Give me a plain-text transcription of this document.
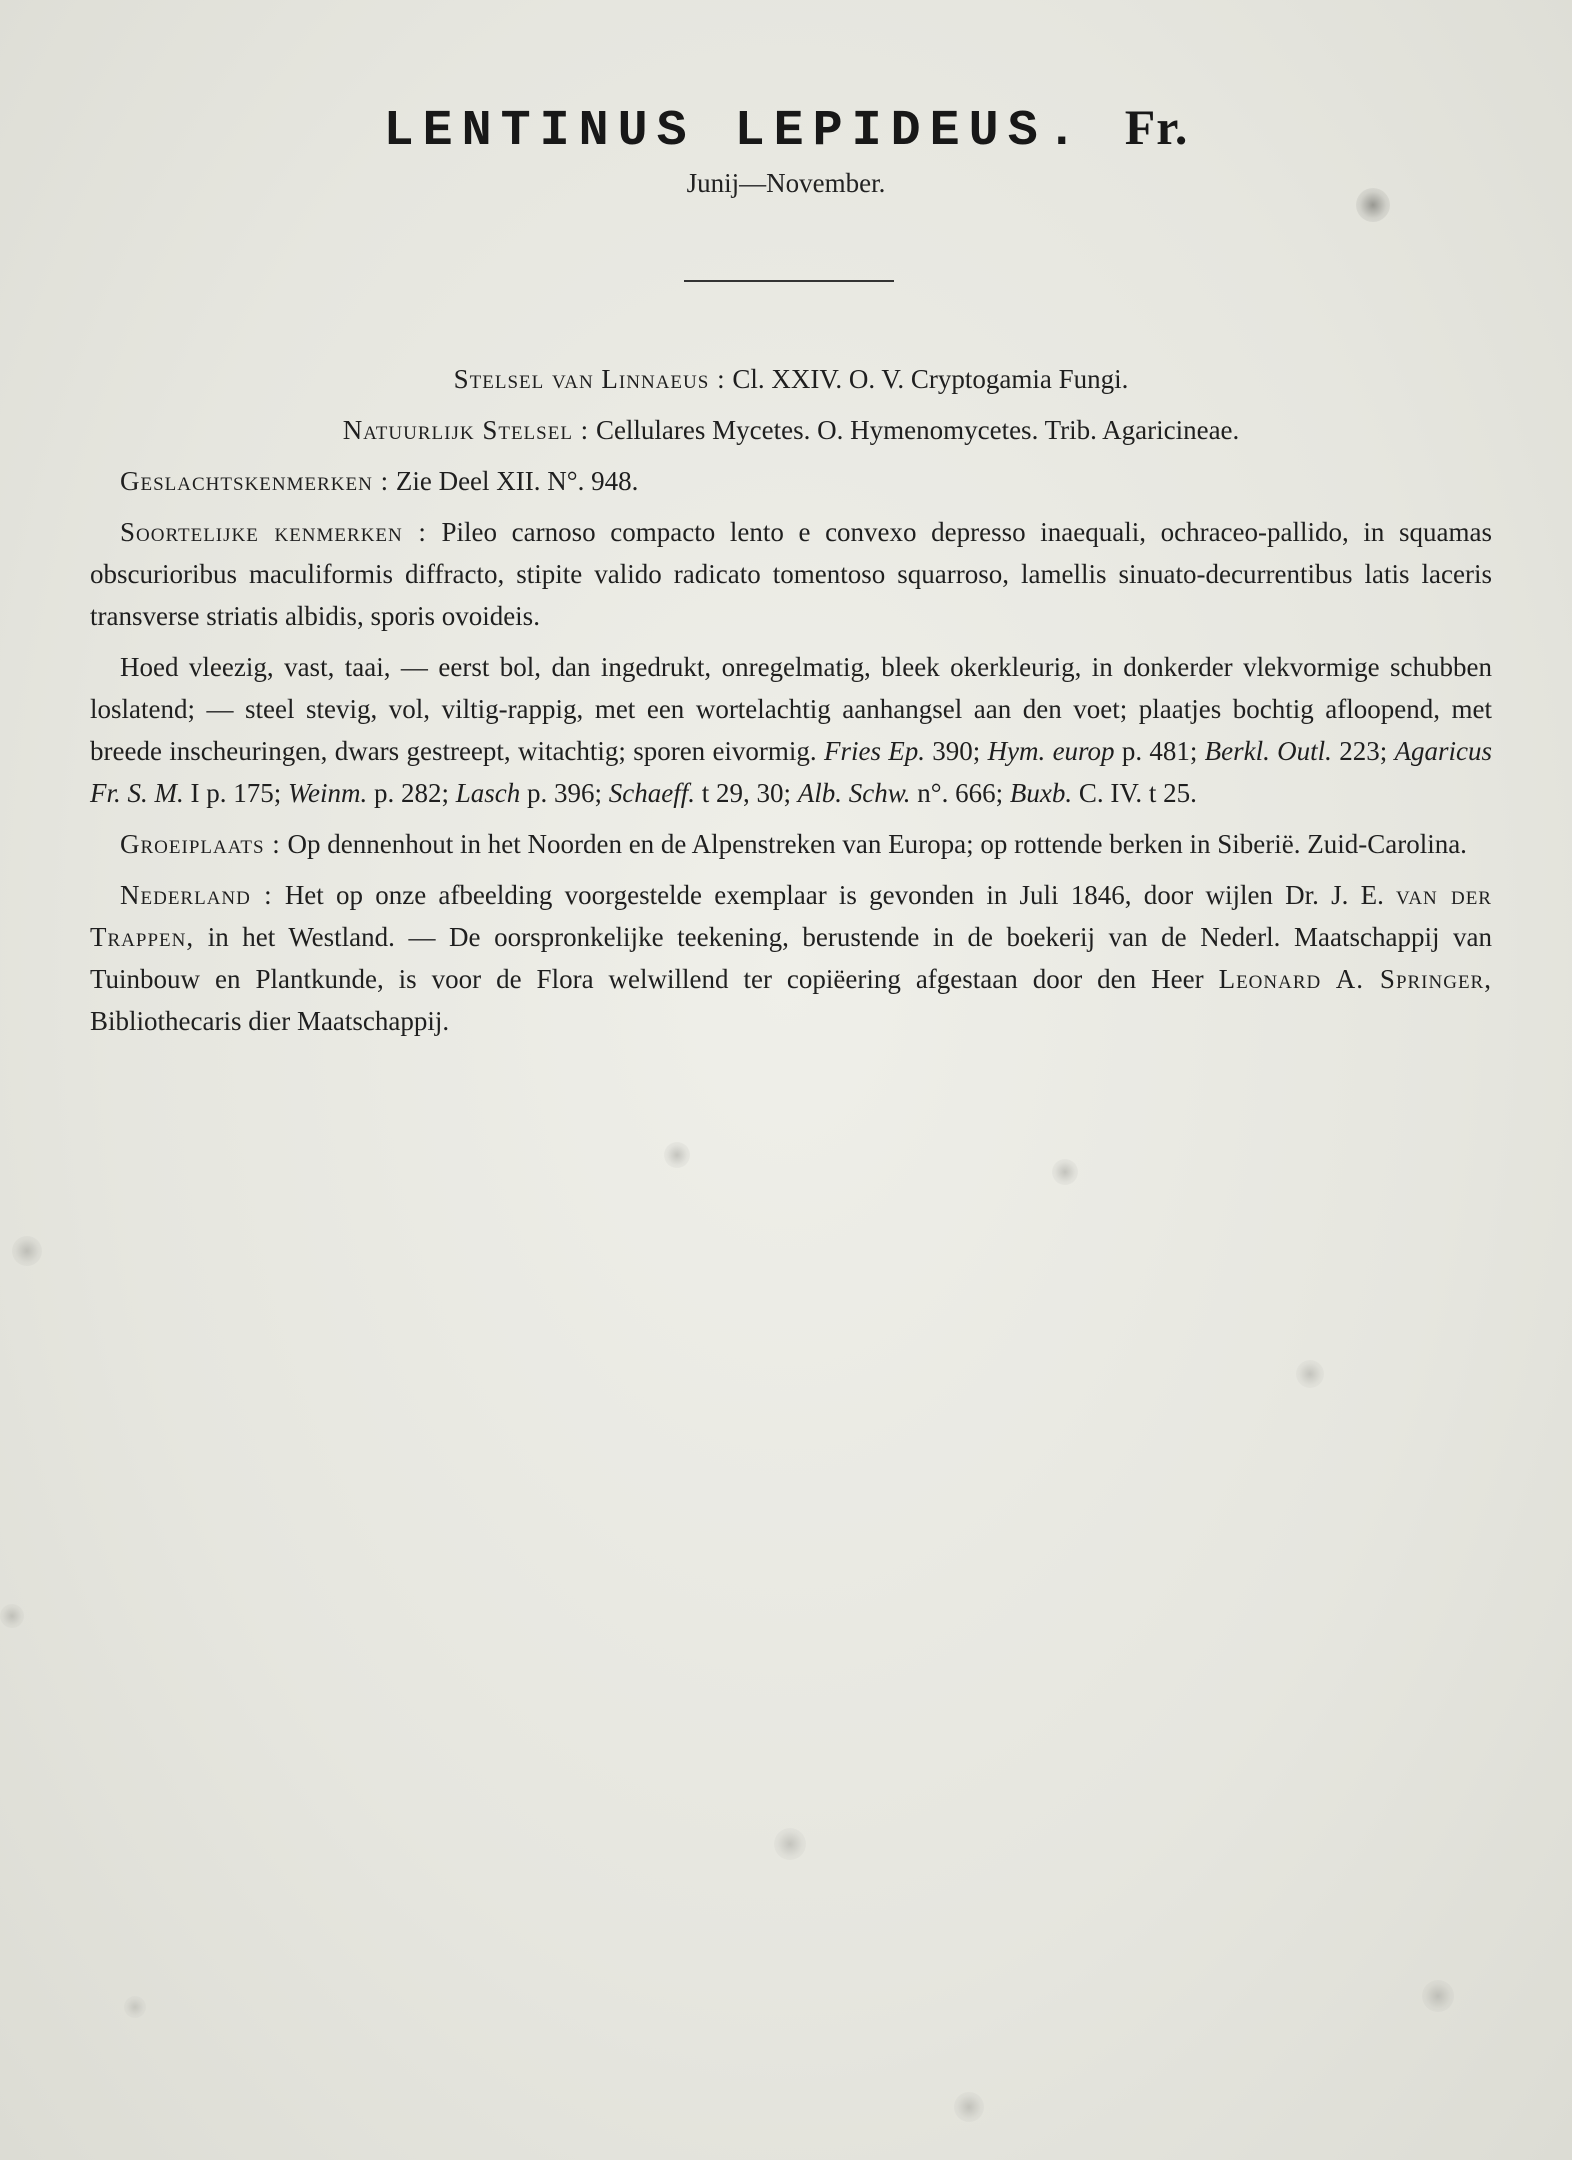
LENTINUS LEPIDEUS. Fr.
Junij—November.

Stelsel van Linnaeus : Cl. XXIV. O. V. Cryptogamia Fungi.

Natuurlijk Stelsel : Cellulares Mycetes. O. Hymenomycetes. Trib. Agaricineae.

Geslachtskenmerken : Zie Deel XII. N°. 948.

Soortelijke kenmerken : Pileo carnoso compacto lento e convexo depresso inaequali, ochraceo-pallido, in squamas obscurioribus maculiformis diffracto, stipite valido radicato tomentoso squarroso, lamellis sinuato-decurrentibus latis laceris transverse striatis albidis, sporis ovoideis.

Hoed vleezig, vast, taai, — eerst bol, dan ingedrukt, onregelmatig, bleek okerkleurig, in donkerder vlekvormige schubben loslatend; — steel stevig, vol, viltig-rappig, met een wortelachtig aanhangsel aan den voet; plaatjes bochtig afloopend, met breede inscheuringen, dwars gestreept, witachtig; sporen eivormig. Fries Ep. 390; Hym. europ p. 481; Berkl. Outl. 223; Agaricus Fr. S. M. I p. 175; Weinm. p. 282; Lasch p. 396; Schaeff. t 29, 30; Alb. Schw. n°. 666; Buxb. C. IV. t 25.

Groeiplaats : Op dennenhout in het Noorden en de Alpenstreken van Europa; op rottende berken in Siberië. Zuid-Carolina.

Nederland : Het op onze afbeelding voorgestelde exemplaar is gevonden in Juli 1846, door wijlen Dr. J. E. van der Trappen, in het Westland. — De oorspronkelijke teekening, berustende in de boekerij van de Nederl. Maatschappij van Tuinbouw en Plantkunde, is voor de Flora welwillend ter copiëering afgestaan door den Heer Leonard A. Springer, Bibliothecaris dier Maatschappij.
